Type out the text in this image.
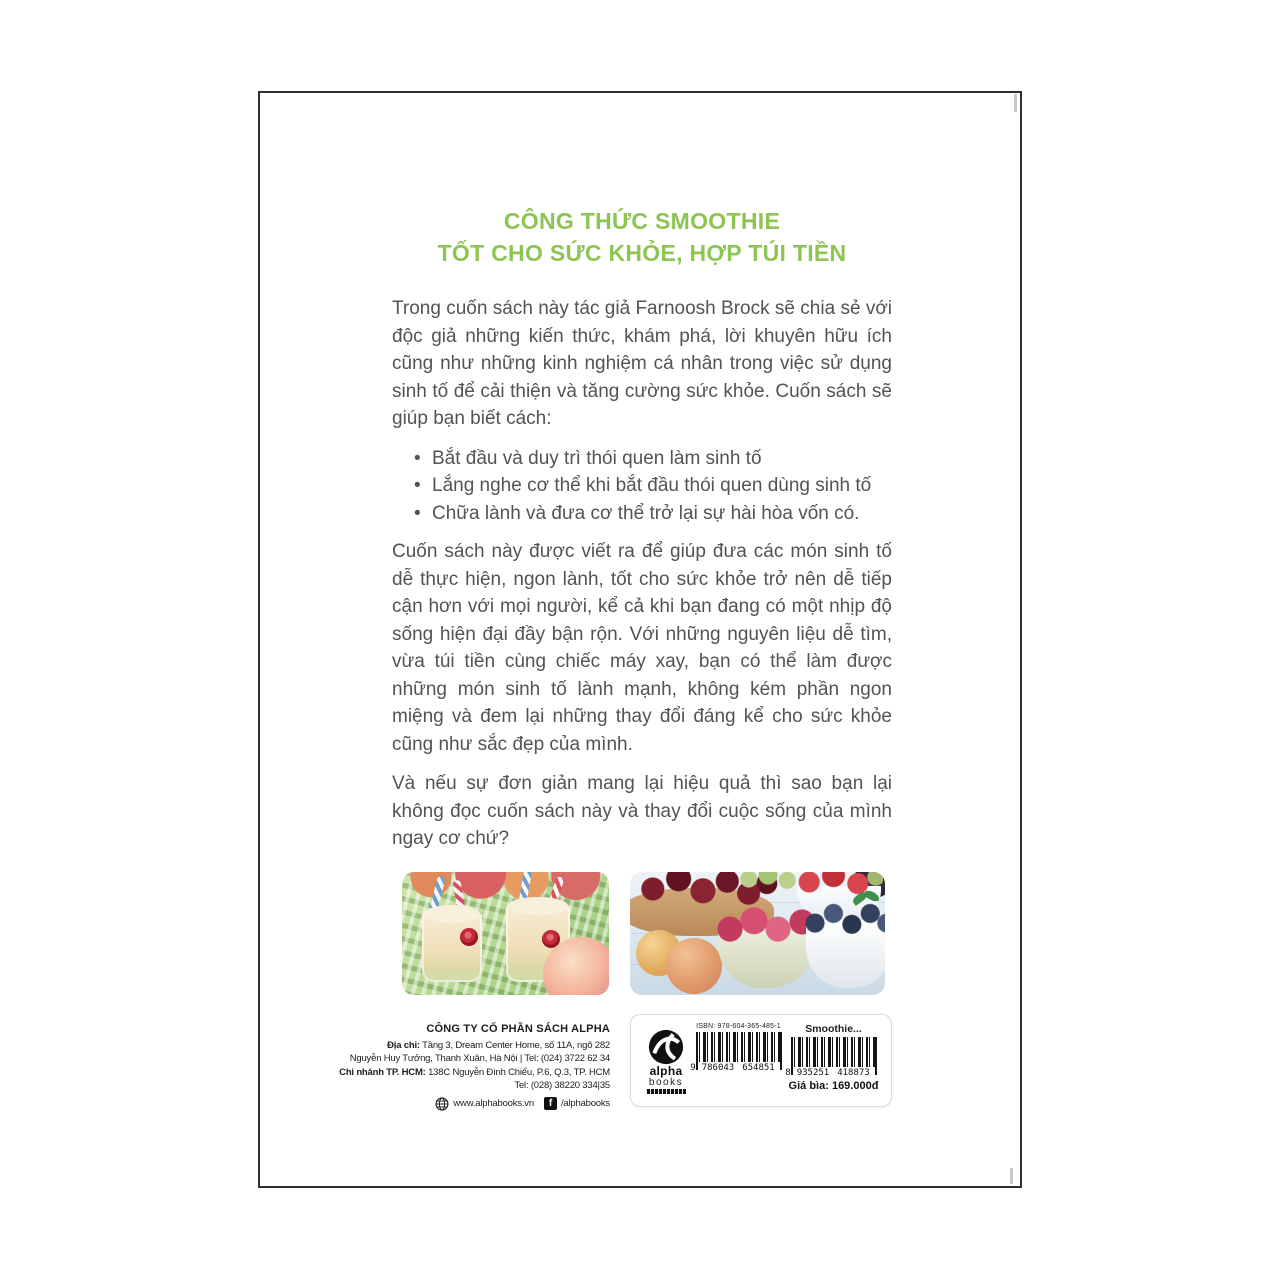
CÔNG THỨC SMOOTHIE
TỐT CHO SỨC KHỎE, HỢP TÚI TIỀN

Trong cuốn sách này tác giả Farnoosh Brock sẽ chia sẻ với độc giả những kiến thức, khám phá, lời khuyên hữu ích cũng như những kinh nghiệm cá nhân trong việc sử dụng sinh tố để cải thiện và tăng cường sức khỏe. Cuốn sách sẽ giúp bạn biết cách:

• Bắt đầu và duy trì thói quen làm sinh tố
• Lắng nghe cơ thể khi bắt đầu thói quen dùng sinh tố
• Chữa lành và đưa cơ thể trở lại sự hài hòa vốn có.

Cuốn sách này được viết ra để giúp đưa các món sinh tố dễ thực hiện, ngon lành, tốt cho sức khỏe trở nên dễ tiếp cận hơn với mọi người, kể cả khi bạn đang có một nhịp độ sống hiện đại đầy bận rộn. Với những nguyên liệu dễ tìm, vừa túi tiền cùng chiếc máy xay, bạn có thể làm được những món sinh tố lành mạnh, không kém phần ngon miệng và đem lại những thay đổi đáng kể cho sức khỏe cũng như sắc đẹp của mình.

Và nếu sự đơn giản mang lại hiệu quả thì sao bạn lại không đọc cuốn sách này và thay đổi cuộc sống của mình ngay cơ chứ?

CÔNG TY CỔ PHẦN SÁCH ALPHA
Địa chỉ: Tầng 3, Dream Center Home, số 11A, ngõ 282
Nguyễn Huy Tưởng, Thanh Xuân, Hà Nội | Tel: (024) 3722 62 34
Chi nhánh TP. HCM: 138C Nguyễn Đình Chiểu, P.6, Q.3, TP. HCM
Tel: (028) 38220 334|35
www.alphabooks.vn	f /alphabooks
alpha
books
ISBN: 978-604-365-485-1
9 786043 654851
Smoothie...
8 935251 418873
Giá bìa: 169.000đ
